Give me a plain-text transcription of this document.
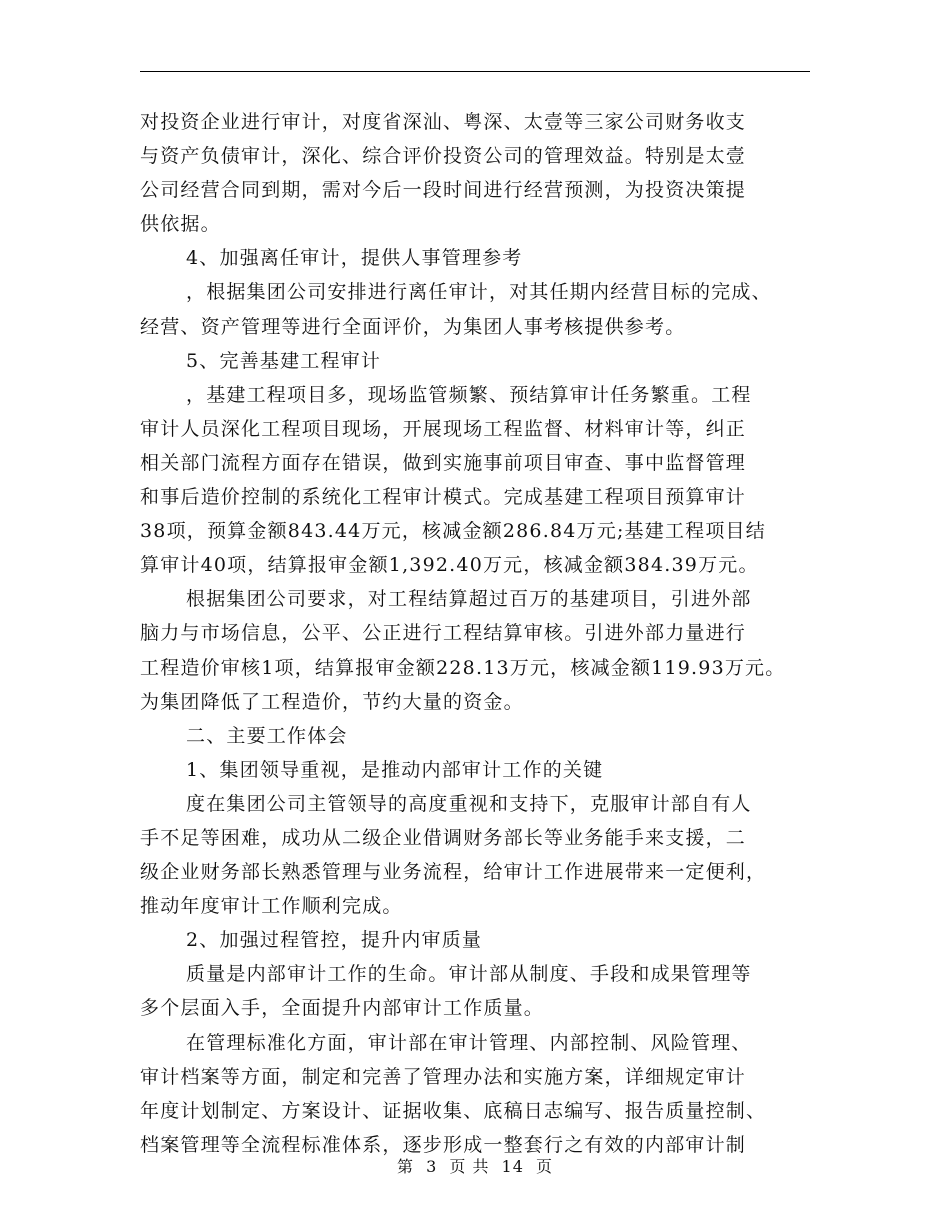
对投资企业进行审计，对度省深汕、粤深、太壹等三家公司财务收支
与资产负债审计，深化、综合评价投资公司的管理效益。特别是太壹
公司经营合同到期，需对今后一段时间进行经营预测，为投资决策提
供依据。
4、加强离任审计，提供人事管理参考
，根据集团公司安排进行离任审计，对其任期内经营目标的完成、
经营、资产管理等进行全面评价，为集团人事考核提供参考。
5、完善基建工程审计
，基建工程项目多，现场监管频繁、预结算审计任务繁重。工程
审计人员深化工程项目现场，开展现场工程监督、材料审计等，纠正
相关部门流程方面存在错误，做到实施事前项目审查、事中监督管理
和事后造价控制的系统化工程审计模式。完成基建工程项目预算审计
38项，预算金额843.44万元，核减金额286.84万元;基建工程项目结
算审计40项，结算报审金额1,392.40万元，核减金额384.39万元。
根据集团公司要求，对工程结算超过百万的基建项目，引进外部
脑力与市场信息，公平、公正进行工程结算审核。引进外部力量进行
工程造价审核1项，结算报审金额228.13万元，核减金额119.93万元。
为集团降低了工程造价，节约大量的资金。
二、主要工作体会
1、集团领导重视，是推动内部审计工作的关键
度在集团公司主管领导的高度重视和支持下，克服审计部自有人
手不足等困难，成功从二级企业借调财务部长等业务能手来支援，二
级企业财务部长熟悉管理与业务流程，给审计工作进展带来一定便利，
推动年度审计工作顺利完成。
2、加强过程管控，提升内审质量
质量是内部审计工作的生命。审计部从制度、手段和成果管理等
多个层面入手，全面提升内部审计工作质量。
在管理标准化方面，审计部在审计管理、内部控制、风险管理、
审计档案等方面，制定和完善了管理办法和实施方案，详细规定审计
年度计划制定、方案设计、证据收集、底稿日志编写、报告质量控制、
档案管理等全流程标准体系，逐步形成一整套行之有效的内部审计制
第 3 页 共 14 页
